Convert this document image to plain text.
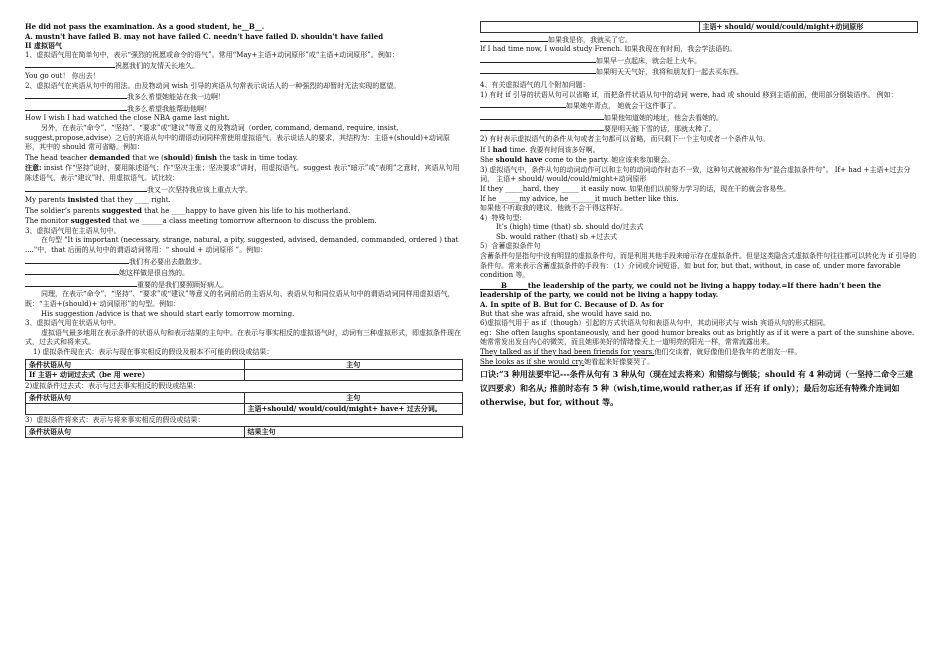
He did not pass the examination. As a good student, he__B__.
A. mustn't have failed B. may not have failed C. needn't have failed D. shouldn't have failed
II 虚拟语气
1、虚拟语气用在简单句中，表示“强烈的祝愿或命令的语气”。常用“May+主语+动词原形”或“主语+动词原形”。例如：
祝愿我们的友情天长地久。
You go out！ 你出去！
2、虚拟语气在宾语从句中的用法。由及物动词 wish 引导的宾语从句常表示说话人的一种强烈的却暂时无法实现的愿望。
我多么希望她能站在我一边啊！
我多么希望我能帮助他啊！
How I wish I had watched the close NBA game last night.
另外，在表示“命令”、“坚持”、“要求”或“建议”等意义的及物动词（order, command, demand, require, insist, suggest,propose,advise）之后的宾语从句中的谓语动词同样常使用虚拟语气，表示说话人的要求，其结构为：主语+(should)+动词原形，其中的 should 常可省略。例如：
The head teacher demanded that we (should) finish the task in time today.
注意: insist 作“坚持”说时，要用陈述语气；作“坚决主张；坚决要求”讲时，用虚拟语气。suggest 表示“暗示”或“表明”之意时，宾语从句用陈述语气，表示“建议”时，用虚拟语气。试比较：
我又一次坚持我应该上重点大学。
My parents insisted that they ____ right.
The soldier’s parents suggested that he ____happy to have given his life to his motherland.
The monitor suggested that we ______a class meeting tomorrow afternoon to discuss the problem.
3、虚拟语气用在主语从句中。
在句型 "It is important (necessary, strange, natural, a pity, suggested, advised, demanded, commanded, ordered ) that ...."中，that 后面的从句中的谓语动词常用：“ should + 动词原形 ”。例如：
我们有必要出去散散步。
她这样做是很自然的。
重要的是我们要照顾好病人。
同理，在表示“命令”、“坚持”、“要求”或“建议”等意义的名词前后的主语从句、表语从句和同位语从句中的谓语动词同样用虚拟语气，既：“主语+(should)+ 动词原形”的句型。例如：
His suggestion /advice is that we should start early tomorrow morning.
3、虚拟语气用在状语从句中。
虚拟语气最多地用在表示条件的状语从句和表示结果的主句中。在表示与事实相反的虚拟语气时，动词有三种虚拟形式，即虚拟条件现在式，过去式和将来式。
1) 虚拟条件现在式：表示与现在事实相反的假设及根本不可能的假设或结果：
条件状语从句	主句
If 主语+ 动词过去式（be 用 were）	
2)虚拟条件过去式：表示与过去事实相反的假设或结果：
条件状语从句	主句
	主语+should/ would/could/might+ have+ 过去分词。
3）虚拟条件将来式：表示与将来事实相反的假设或结果：
条件状语从句	结果主句
	主语+ should/ would/could/might+动词原形
如果我是你，我就买了它。
If I had time now, I would study French. 如果我现在有时间，我会学法语的。
如果早一点起床，就会赶上火车。
如果明天天气好，我将和朋友们一起去买东西。
4、有关虚拟语气的几个附加问题：
1) 有时 if 引导的状语从句可以省略 if，而把条件状语从句中的动词 were, had 或 should 移到主语前面，使用部分倒装语序。 例如：
如果她年青点， 她就会干这件事了。
如果他知道她的地址，他会去看她的。
要是明天能下雪的话，那就太棒了。
2) 有时表示虚拟语气的条件从句或者主句都可以省略，而只剩下一个主句或者一个条件从句。
If I had time. 我要有时间该多好啊。
She should have come to the party. 她应该来参加聚会。
3) 虚拟语气中，条件从句的动词动作可以和主句的动词动作时态不一致，这种句式就被称作为“混合虚拟条件句”。 If+ had +主语+过去分词， 主语+ should/ would/could/might+动词原形
If they _____hard, they _____ it easily now. 如果他们以前努力学习的话，现在干的就会容易些。
If he ______my advice, he _______it much better like this.
如果他不听取我的建议，他就不会干得这样好。
4）特殊句型:
It’s (high) time (that) sb. should do/过去式
Sb. would rather (that) sb +过去式
5）含蓄虚拟条件句
含蓄条件句是指句中没有明显的虚拟条件句，而是利用其他手段来暗示存在虚拟条件。但是这类隐含式虚拟条件句往往都可以转化为 if 引导的条件句。常来表示含蓄虚拟条件的手段有：（1）介词或介词短语，如 but for, but that, without, in case of, under more favorable condition 等。
______B______the leadership of the party, we could not be living a happy today.=If there hadn’t been the leadership of the party, we could not be living a happy today.
A. In spite of B. But for C. Because of D. As for
But that she was afraid, she would have said no.
6)虚拟语气用于 as if（though）引起的方式状语从句和表语从句中，其动词形式与 wish 宾语从句的形式相同。
eg：She often laughs spontaneously, and her good humor breaks out as brightly as if it were a part of the sunshine above.她常常发出发自内心的微笑，而且她那美好的情绪像天上一道明亮的阳光一样，常常流露出来。
They talked as if they had been friends for years.他们交谈着，就好像他们是我年的老朋友一样。
She looks as if she would cry.她看起来好像要哭了。
口诀:“3 种用法要牢记---条件从句有 3 种从句（现在过去将来）和错综与倒装；should 有 4 种动词（一坚持二命令三建议四要求）和名从; 推前时态有 5 种（wish,time,would rather,as if 还有 if only）；最后勿忘还有特殊介连词如 otherwise, but for, without 等。
